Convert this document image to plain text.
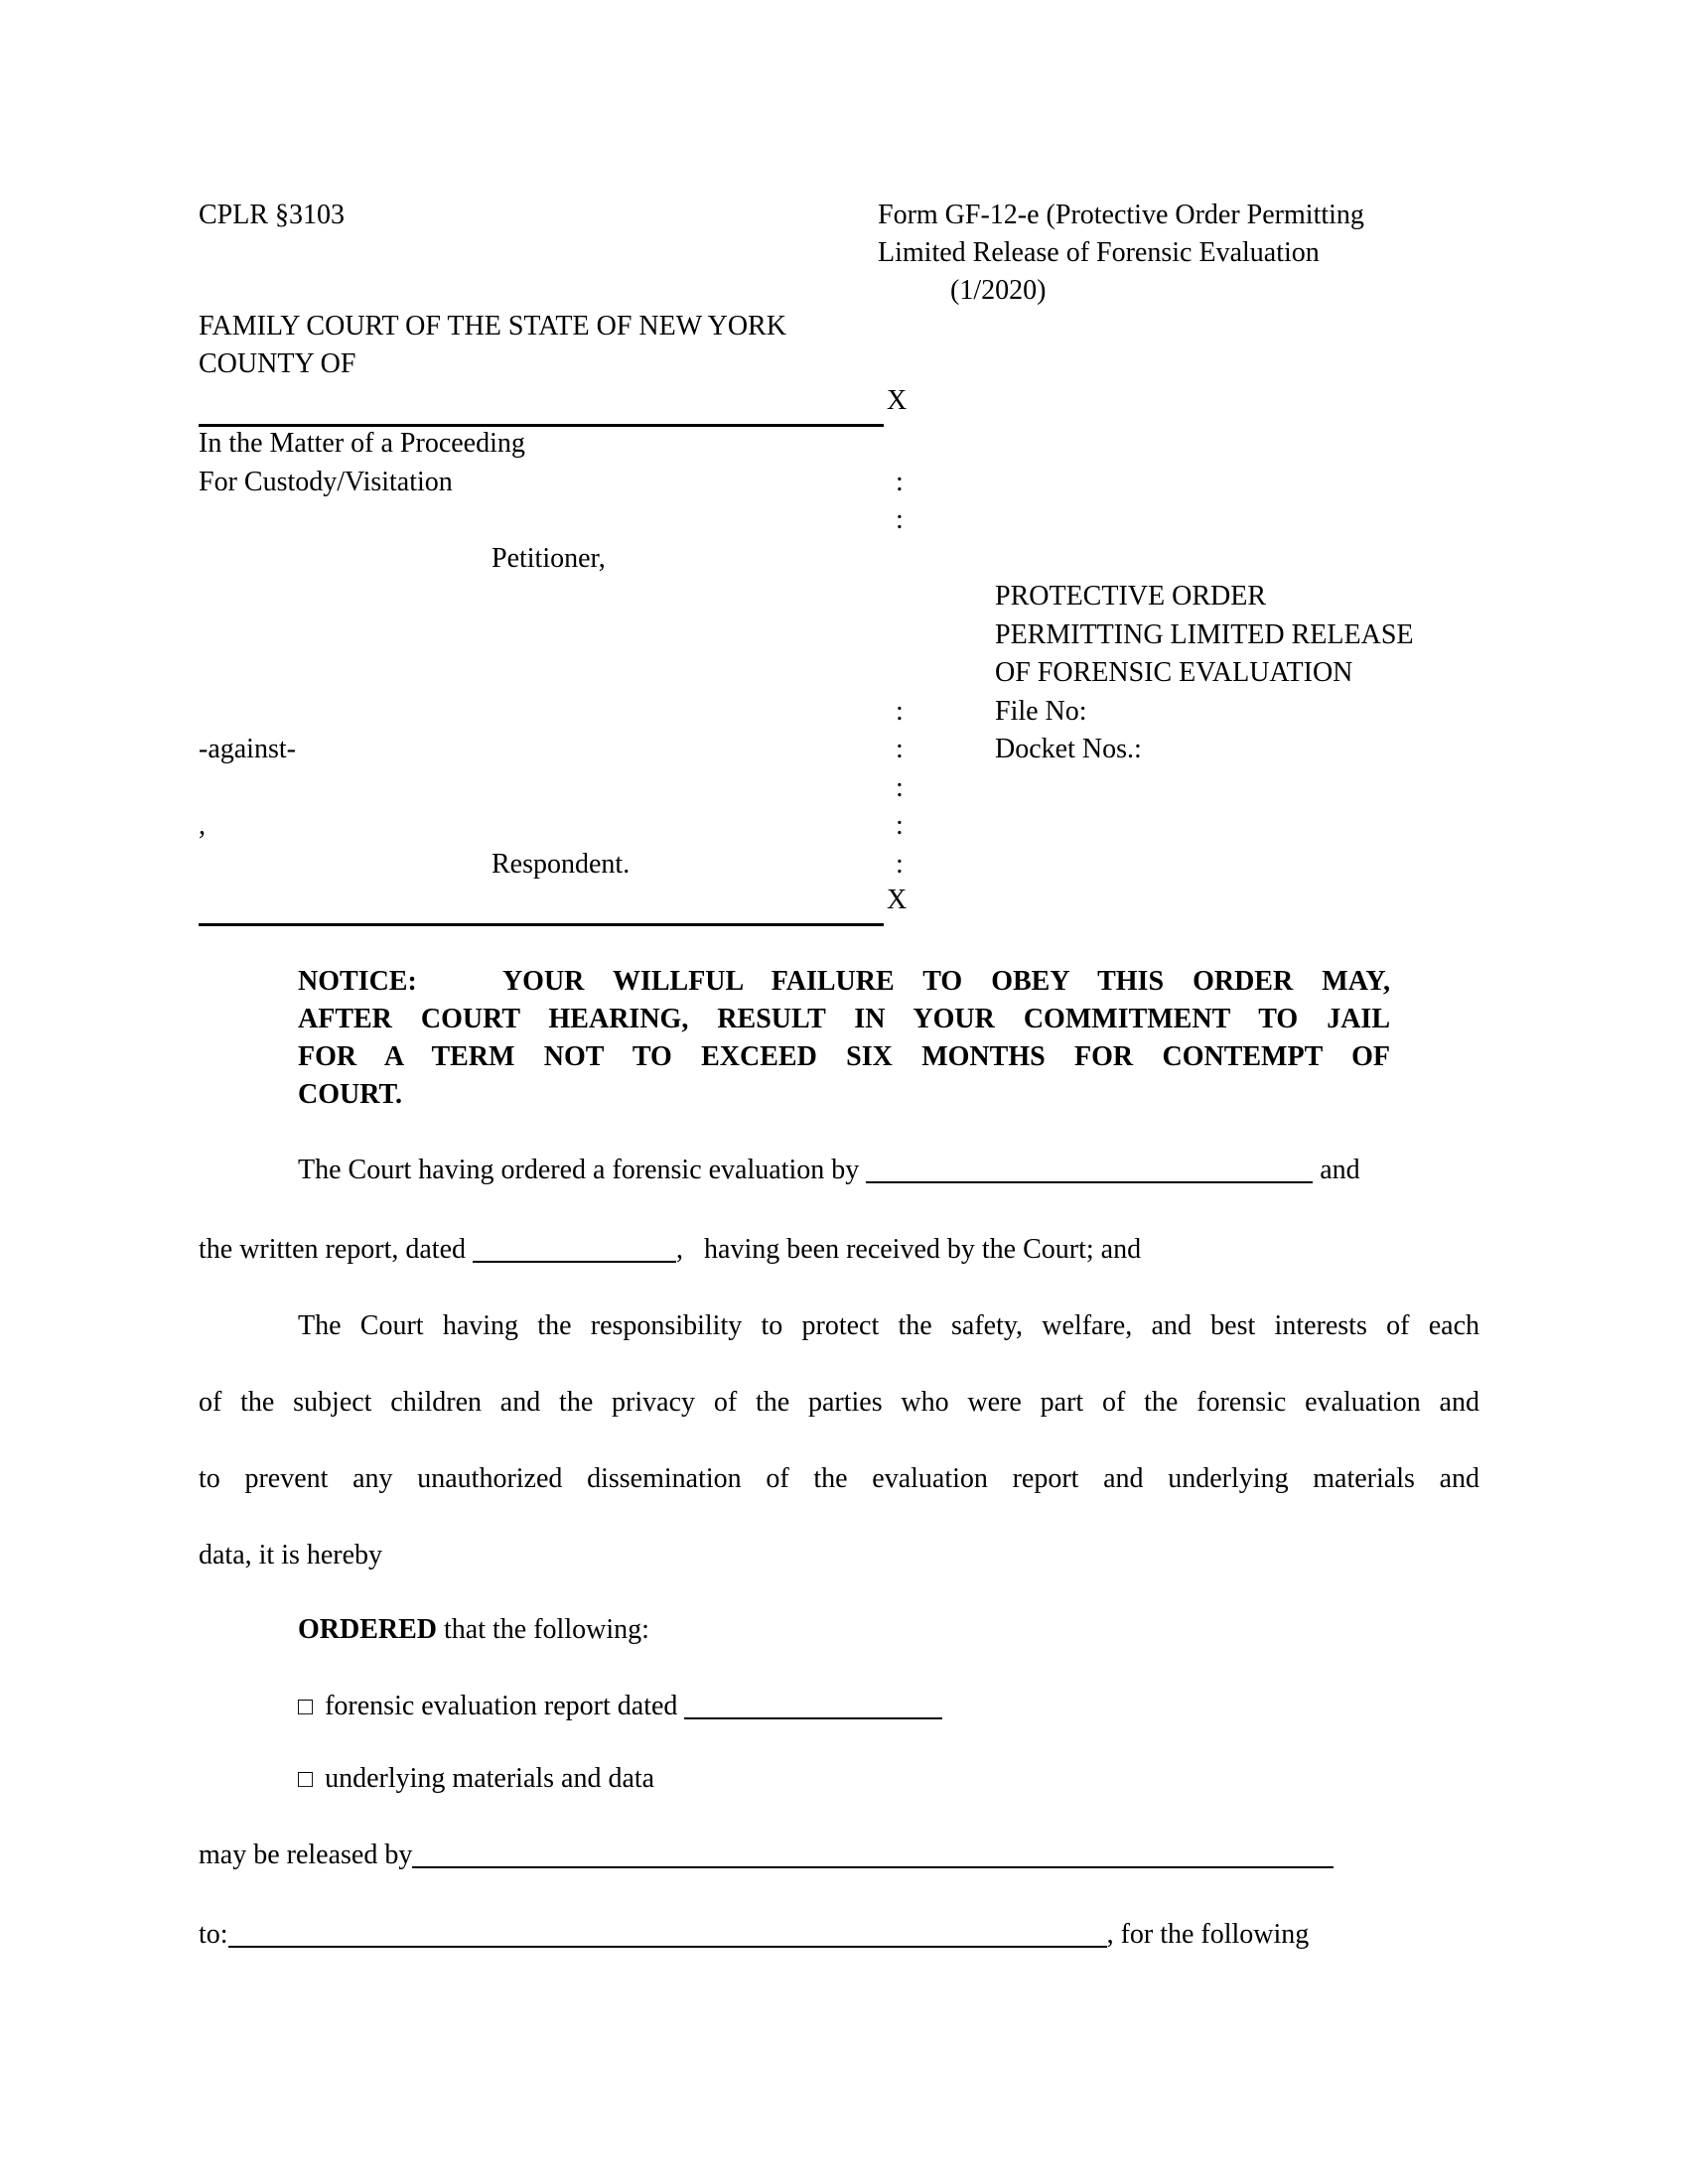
CPLR §3103	Form GF-12-e (Protective Order Permitting
Limited Release of Forensic Evaluation
(1/2020)
FAMILY COURT OF THE STATE OF NEW YORK
COUNTY OF
X
In the Matter of a Proceeding
For Custody/Visitation
Petitioner,
-against-
,
Respondent.
:
:
:
:
:
:
:
PROTECTIVE ORDER
PERMITTING LIMITED RELEASE
OF FORENSIC EVALUATION
File No:
Docket Nos.:
X
NOTICE:   YOUR WILLFUL FAILURE TO OBEY THIS ORDER MAY,
AFTER COURT HEARING, RESULT IN YOUR COMMITMENT TO JAIL
FOR A TERM NOT TO EXCEED SIX MONTHS FOR CONTEMPT OF
COURT.
The Court having ordered a forensic evaluation by	and
the written report, dated	,   having been received by the Court; and
The Court having the responsibility to protect the safety, welfare, and best interests of each
of the subject children and the privacy of the parties who were part of the forensic evaluation and
to prevent any unauthorized dissemination of the evaluation report and underlying materials and
data, it is hereby
ORDERED that the following:
□ forensic evaluation report dated
□ underlying materials and data
may be released by
to:	, for the following
